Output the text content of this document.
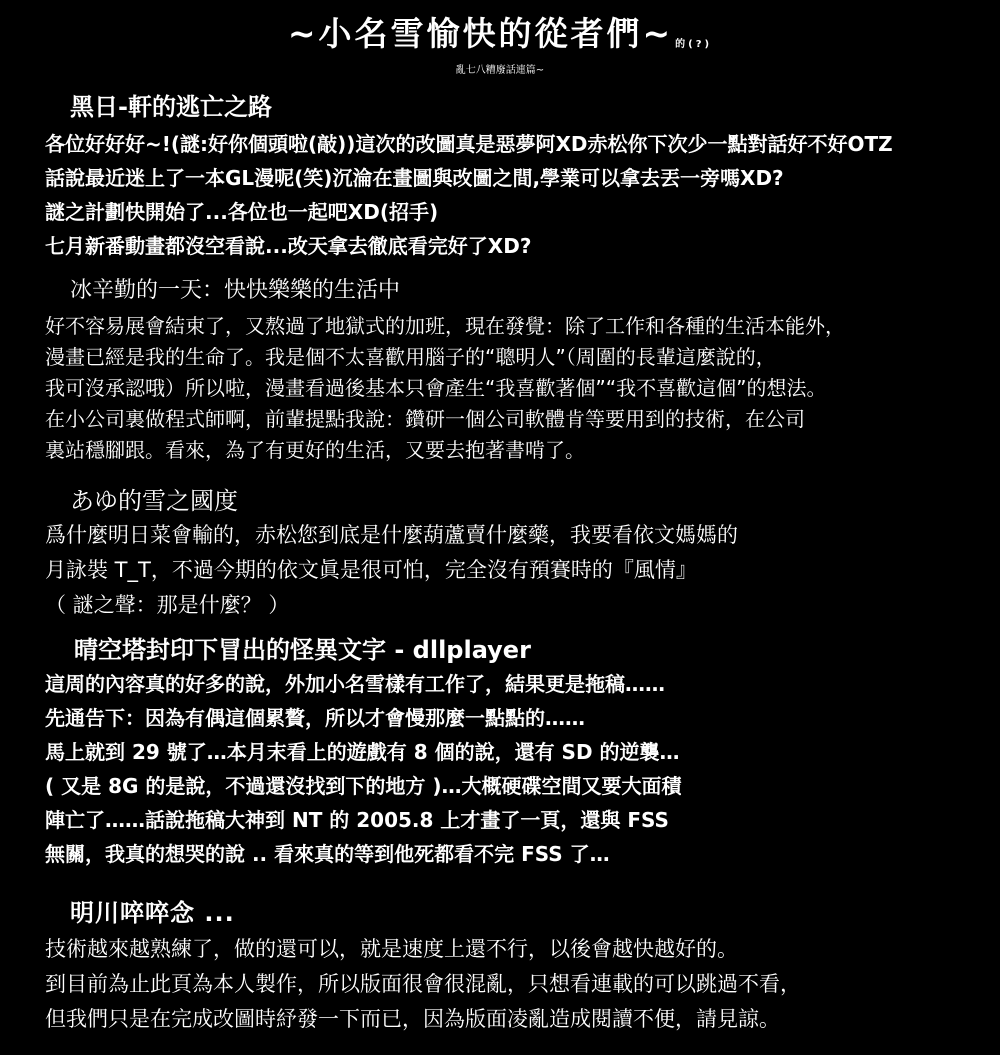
~小名雪愉快的從者們~ 的(?)
亂七八糟廢話連篇~
黑日-軒的逃亡之路
各位好好好~!(謎:好你個頭啦(敲))這次的改圖真是惡夢阿XD赤松你下次少一點對話好不好OTZ
話說最近迷上了一本GL漫呢(笑)沉淪在畫圖與改圖之間,學業可以拿去丟一旁嗎XD?
謎之計劃快開始了...各位也一起吧XD(招手)
七月新番動畫都沒空看說...改天拿去徹底看完好了XD?
冰辛勤的一天：快快樂樂的生活中
好不容易展會結束了，又熬過了地獄式的加班，現在發覺：除了工作和各種的生活本能外，
漫畫已經是我的生命了。我是個不太喜歡用腦子的“聰明人”（周圍的長輩這麼說的，
我可沒承認哦）所以啦，漫畫看過後基本只會產生“我喜歡著個”“我不喜歡這個”的想法。
在小公司裏做程式師啊，前輩提點我說：鑽研一個公司軟體肯等要用到的技術，在公司
裏站穩腳跟。看來，為了有更好的生活，又要去抱著書啃了。
あゆ的雪之國度
爲什麼明日菜會輸的，赤松您到底是什麼葫蘆賣什麼藥，我要看依文媽媽的
月詠裝 T_T，不過今期的依文眞是很可怕，完全沒有預賽時的『風情』
（ 謎之聲：那是什麼？ ）
晴空塔封印下冒出的怪異文字 - dllplayer
這周的內容真的好多的說，外加小名雪樣有工作了，結果更是拖稿……
先通告下：因為有偶這個累贅，所以才會慢那麼一點點的……
馬上就到 29 號了…本月末看上的遊戲有 8 個的說，還有 SD 的逆襲…
( 又是 8G 的是說，不過還沒找到下的地方 )…大概硬碟空間又要大面積
陣亡了……話說拖稿大神到 NT 的 2005.8 上才畫了一頁，還與 FSS
無關，我真的想哭的說 .. 看來真的等到他死都看不完 FSS 了…
明川啐啐念 ...
技術越來越熟練了，做的還可以，就是速度上還不行，以後會越快越好的。
到目前為止此頁為本人製作，所以版面很會很混亂，只想看連載的可以跳過不看，
但我們只是在完成改圖時紓發一下而已，因為版面凌亂造成閱讀不便，請見諒。
